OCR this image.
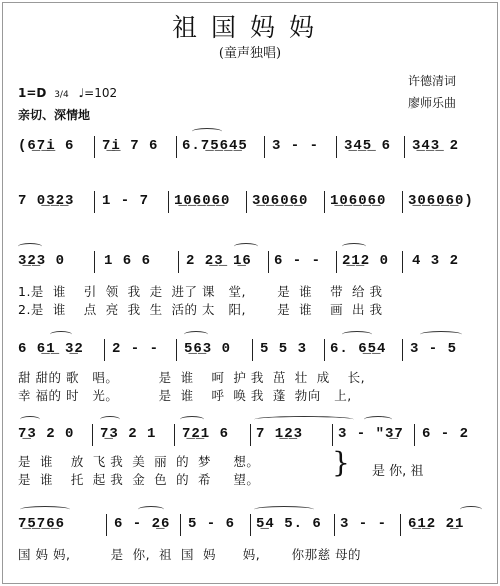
祖国妈妈
(童声独唱)
1=D 3/4 ♩=102
亲切、深情地
许德清词
廖师乐曲
(6̲7̲i̲ 6 7̲i̲ 7 6 6.7̲5̲6̲4̲5 3 - - 3̲4̲5̲ 6 3̲4̲3̲ 2
7 0̲3̲2̲3 1 - 7 1̲0̲6̲0̲6̲0 3̲0̲6̲0̲6̲0 1̲0̲6̲0̲6̲0 3̲0̲6̲0̲6̲0)
3̲2̲3 0	1 6 6 2 2̲3̲ 1̲6 6 - - 2̲1̲2 0 4 3 2
1.是  谁    引  领  我  走  进了 课   堂,       是  谁    带  给 我
2.是  谁    点  亮  我  生  活的 太   阳,       是  谁    画  出 我
6 6̲1̲ 3̲2 2 - - 5̲6̲3 0 5 5 3 6. 6̲5̲4 3 - 5
甜 甜的 歌   唱。         是  谁    呵  护 我  茁  壮  成    长,
幸 福的 时   光。         是  谁    呼  唤 我  蓬  勃向   上,
7̲3 2 0 7̲3 2 1 7̲2̲1 6 7 1̲2̲3 3 - ʺ3̲7 6 - 2
是  谁    放  飞 我  美  丽  的  梦     想。
是  谁    托  起 我  金  色  的  希     望。
} 是 你, 祖
7̲5̲7̲6̲6	6 - 2̲6 5 - 6 5̲4 5. 6 3 - - 6̲1̲2 2̲1
国 妈 妈,         是  你,  祖  国  妈      妈,       你那慈 母的
